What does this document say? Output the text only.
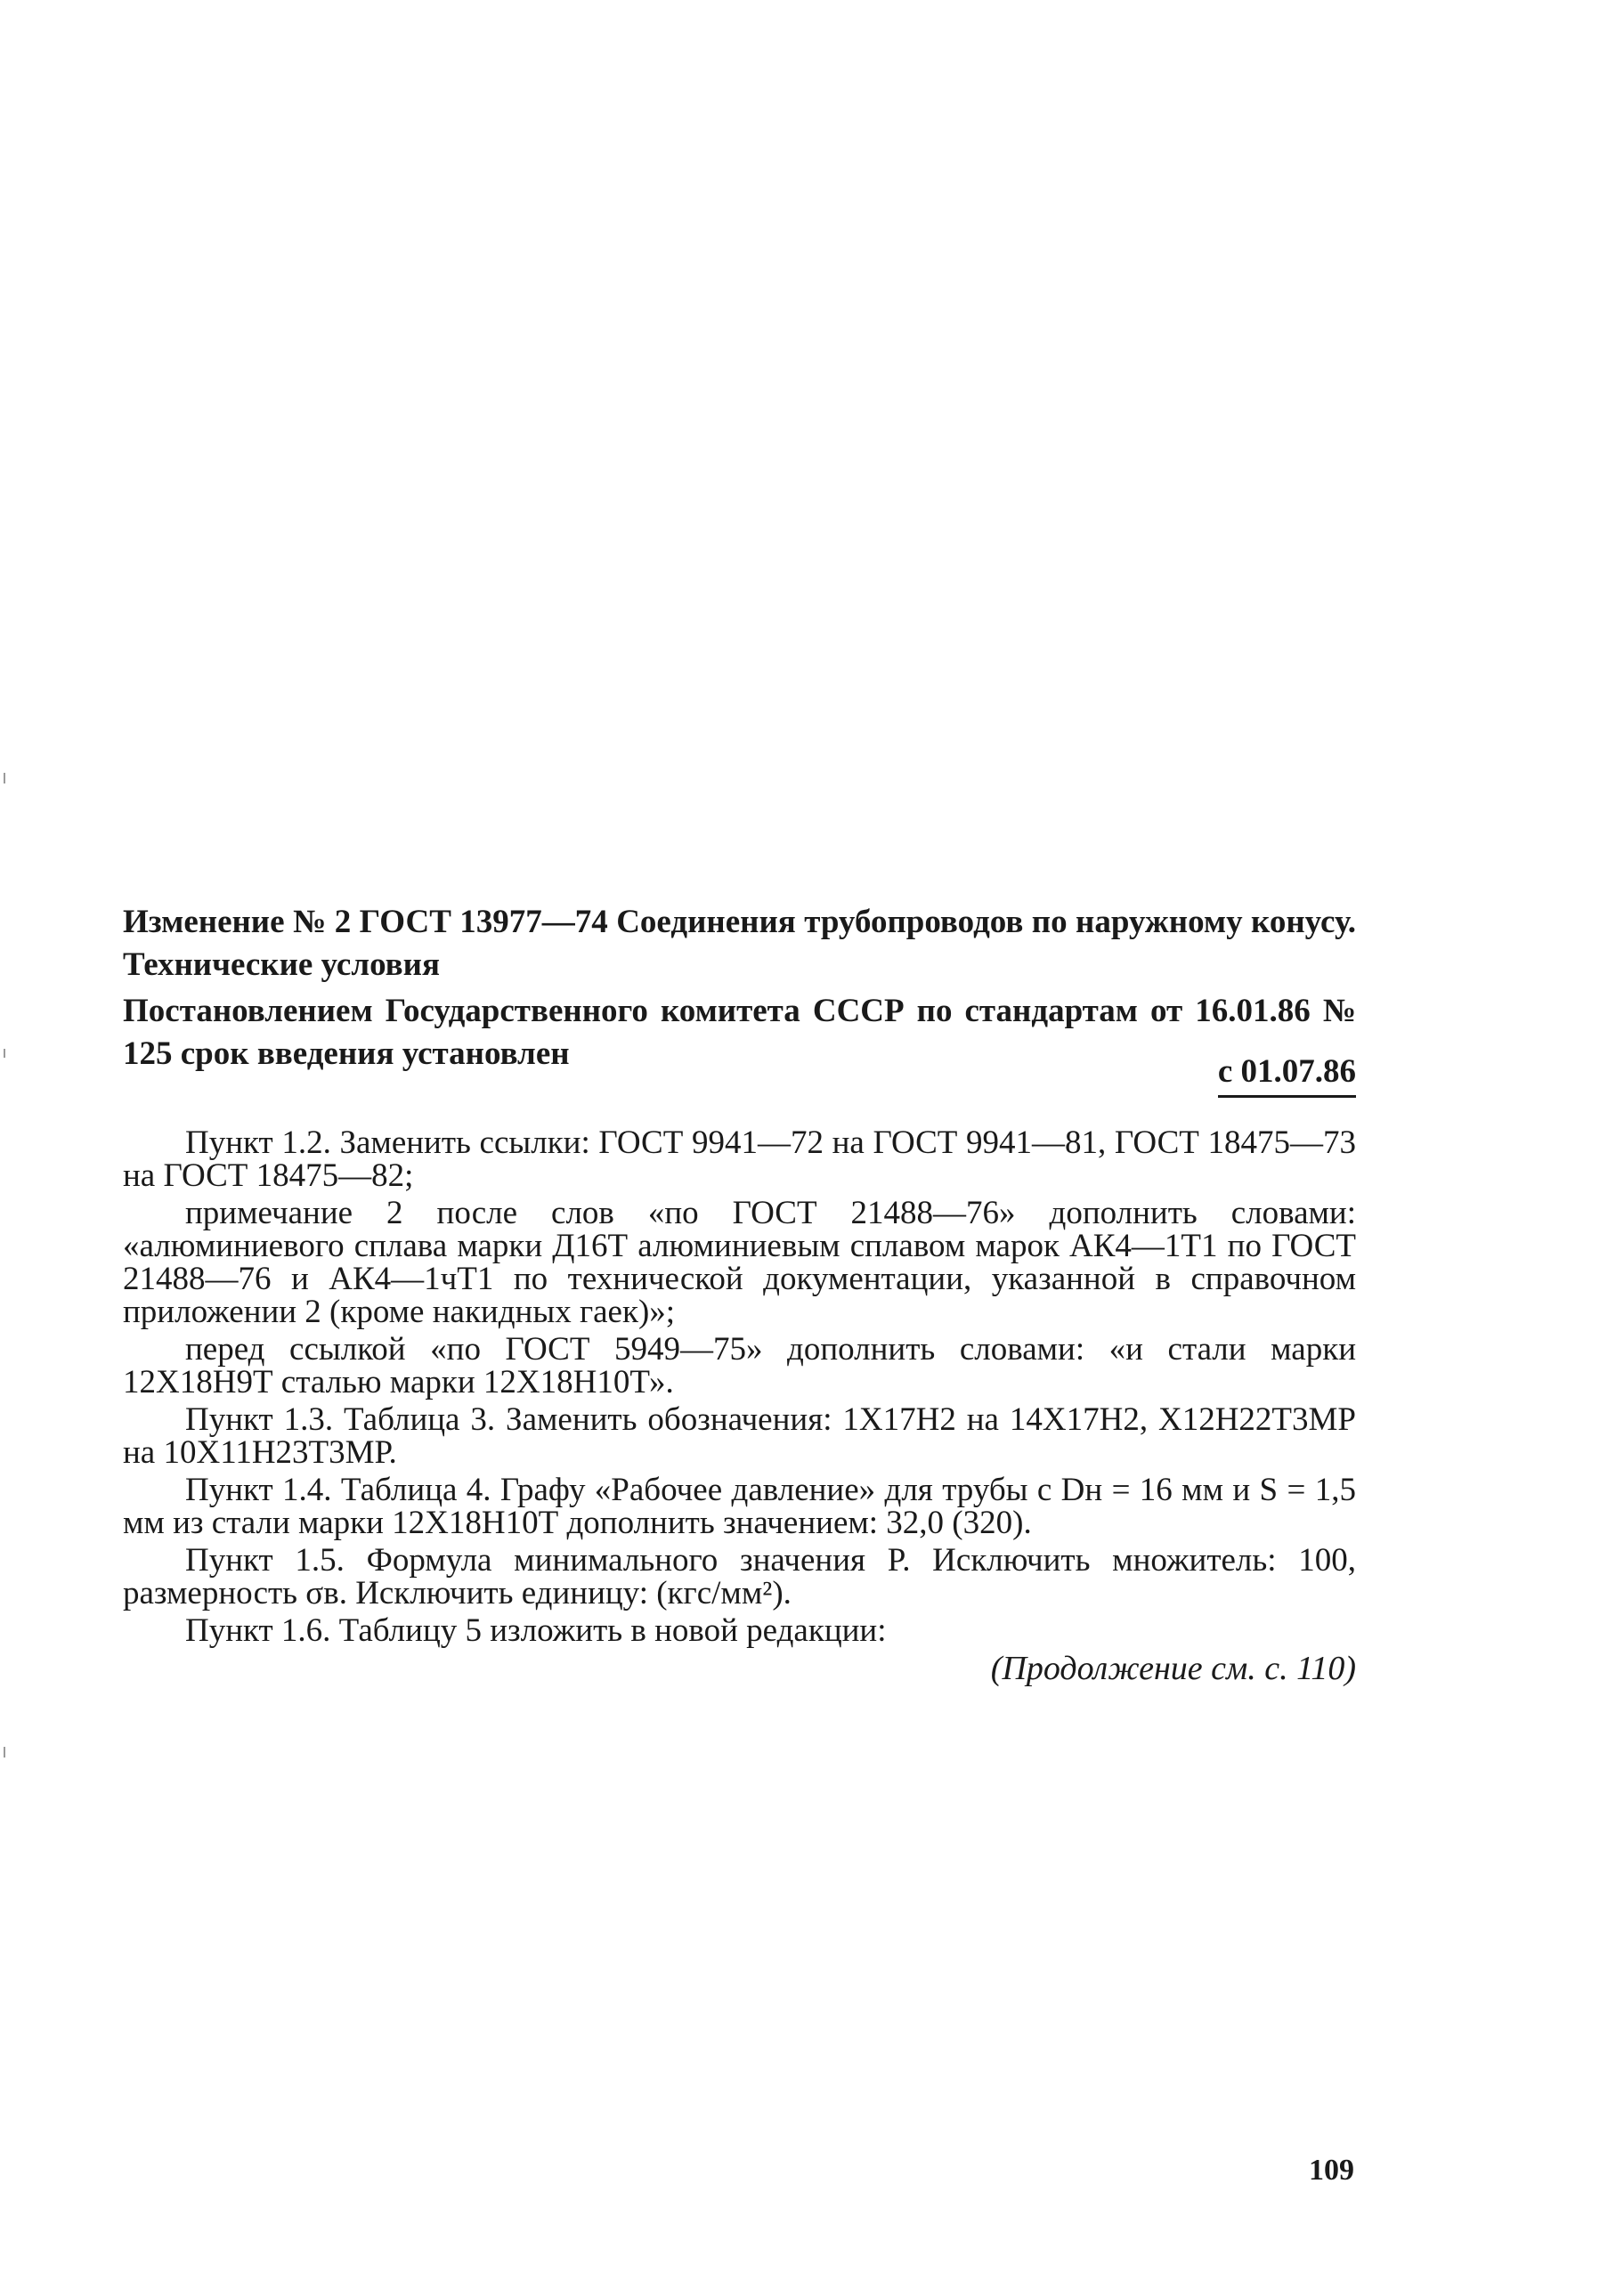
Изменение № 2 ГОСТ 13977—74 Соединения трубопроводов по наружному конусу. Технические условия

Постановлением Государственного комитета СССР по стандартам от 16.01.86 № 125 срок введения установлен	с 01.07.86

Пункт 1.2. Заменить ссылки: ГОСТ 9941—72 на ГОСТ 9941—81, ГОСТ 18475—73 на ГОСТ 18475—82;

примечание 2 после слов «по ГОСТ 21488—76» дополнить словами: «алюминиевого сплава марки Д16Т алюминиевым сплавом марок АК4—1Т1 по ГОСТ 21488—76 и АК4—1чТ1 по технической документации, указанной в справочном приложении 2 (кроме накидных гаек)»;

перед ссылкой «по ГОСТ 5949—75» дополнить словами: «и стали марки 12Х18Н9Т сталью марки 12Х18Н10Т».

Пункт 1.3. Таблица 3. Заменить обозначения: 1Х17Н2 на 14Х17Н2, Х12Н22Т3МР на 10Х11Н23Т3МР.

Пункт 1.4. Таблица 4. Графу «Рабочее давление» для трубы с Dн = 16 мм и S = 1,5 мм из стали марки 12Х18Н10Т дополнить значением: 32,0 (320).

Пункт 1.5. Формула минимального значения P. Исключить множитель: 100, размерность σв. Исключить единицу: (кгс/мм²).

Пункт 1.6. Таблицу 5 изложить в новой редакции:

(Продолжение см. с. 110)
109
